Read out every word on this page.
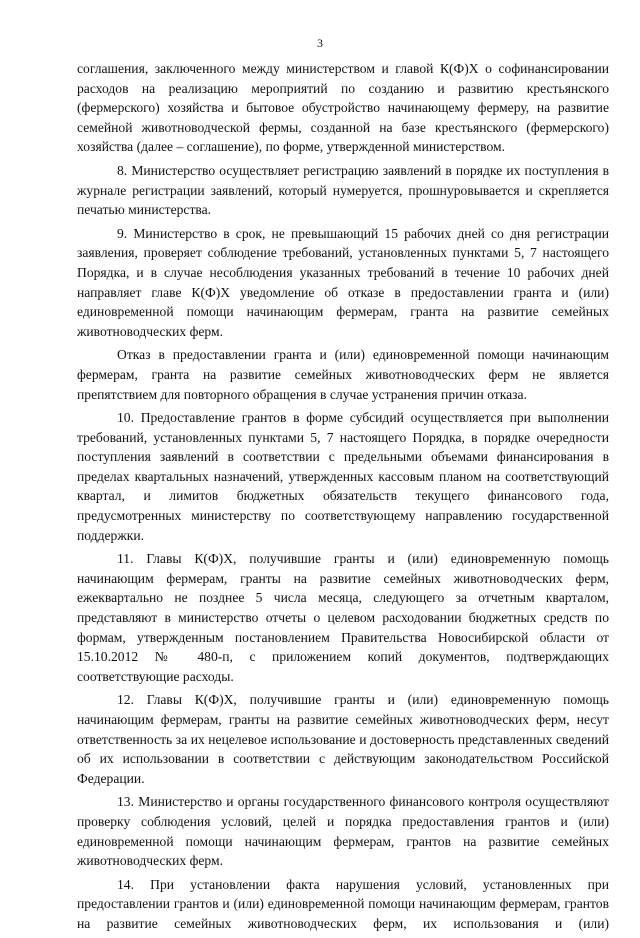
3

соглашения, заключенного между министерством и главой К(Ф)Х о софинансировании расходов на реализацию мероприятий по созданию и развитию крестьянского (фермерского) хозяйства и бытовое обустройство начинающему фермеру, на развитие семейной животноводческой фермы, созданной на базе крестьянского (фермерского) хозяйства (далее – соглашение), по форме, утвержденной министерством.

8. Министерство осуществляет регистрацию заявлений в порядке их поступления в журнале регистрации заявлений, который нумеруется, прошнуровывается и скрепляется печатью министерства.

9. Министерство в срок, не превышающий 15 рабочих дней со дня регистрации заявления, проверяет соблюдение требований, установленных пунктами 5, 7 настоящего Порядка, и в случае несоблюдения указанных требований в течение 10 рабочих дней направляет главе К(Ф)Х уведомление об отказе в предоставлении гранта и (или) единовременной помощи начинающим фермерам, гранта на развитие семейных животноводческих ферм.

Отказ в предоставлении гранта и (или) единовременной помощи начинающим фермерам, гранта на развитие семейных животноводческих ферм не является препятствием для повторного обращения в случае устранения причин отказа.

10. Предоставление грантов в форме субсидий осуществляется при выполнении требований, установленных пунктами 5, 7 настоящего Порядка, в порядке очередности поступления заявлений в соответствии с предельными объемами финансирования в пределах квартальных назначений, утвержденных кассовым планом на соответствующий квартал, и лимитов бюджетных обязательств текущего финансового года, предусмотренных министерству по соответствующему направлению государственной поддержки.

11. Главы К(Ф)Х, получившие гранты и (или) единовременную помощь начинающим фермерам, гранты на развитие семейных животноводческих ферм, ежеквартально не позднее 5 числа месяца, следующего за отчетным кварталом, представляют в министерство отчеты о целевом расходовании бюджетных средств по формам, утвержденным постановлением Правительства Новосибирской области от 15.10.2012 № 480-п, с приложением копий документов, подтверждающих соответствующие расходы.

12. Главы К(Ф)Х, получившие гранты и (или) единовременную помощь начинающим фермерам, гранты на развитие семейных животноводческих ферм, несут ответственность за их нецелевое использование и достоверность представленных сведений об их использовании в соответствии с действующим законодательством Российской Федерации.

13. Министерство и органы государственного финансового контроля осуществляют проверку соблюдения условий, целей и порядка предоставления грантов и (или) единовременной помощи начинающим фермерам, грантов на развитие семейных животноводческих ферм.

14. При установлении факта нарушения условий, установленных при предоставлении грантов и (или) единовременной помощи начинающим фермерам, грантов на развитие семейных животноводческих ферм, их использования и (или)
